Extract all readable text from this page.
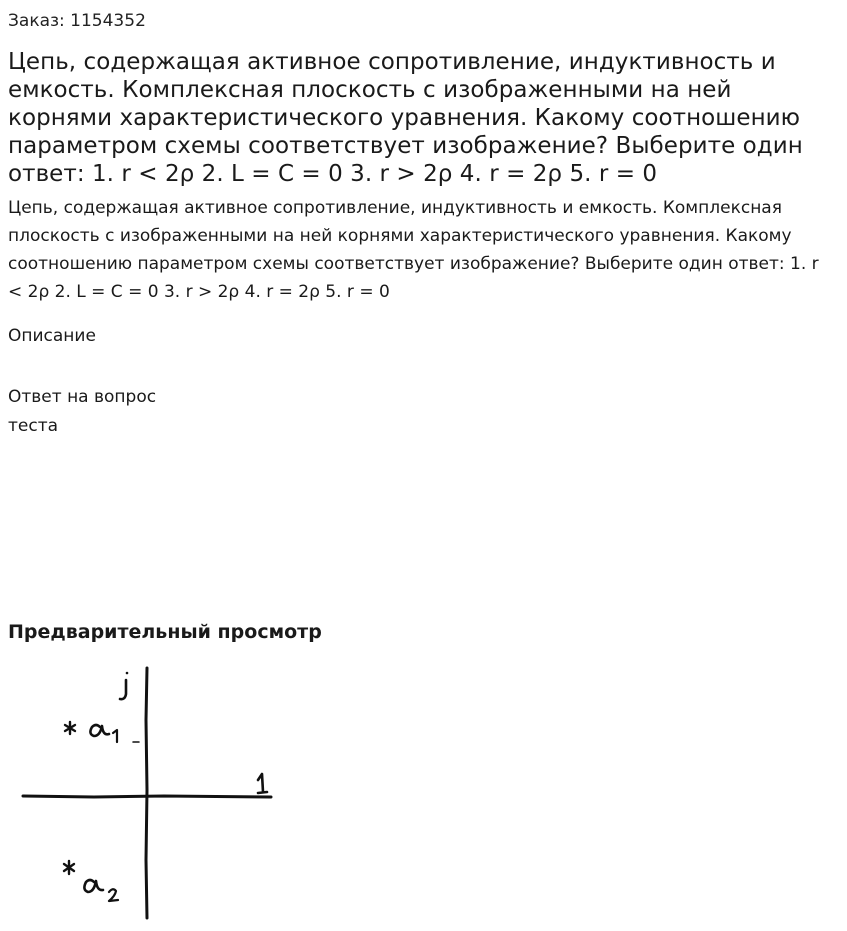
Заказ: 1154352
Цепь, содержащая активное сопротивление, индуктивность и емкость. Комплексная плоскость с изображенными на ней корнями характеристического уравнения. Какому соотношению параметром схемы соответствует изображение? Выберите один ответ: 1. r < 2ρ 2. L = C = 0 3. r > 2ρ 4. r = 2ρ 5. r = 0
Цепь, содержащая активное сопротивление, индуктивность и емкость. Комплексная плоскость с изображенными на ней корнями характеристического уравнения. Какому соотношению параметром схемы соответствует изображение? Выберите один ответ: 1. r < 2ρ 2. L = C = 0 3. r > 2ρ 4. r = 2ρ 5. r = 0
Описание
Ответ на вопрос теста
Предварительный просмотр
